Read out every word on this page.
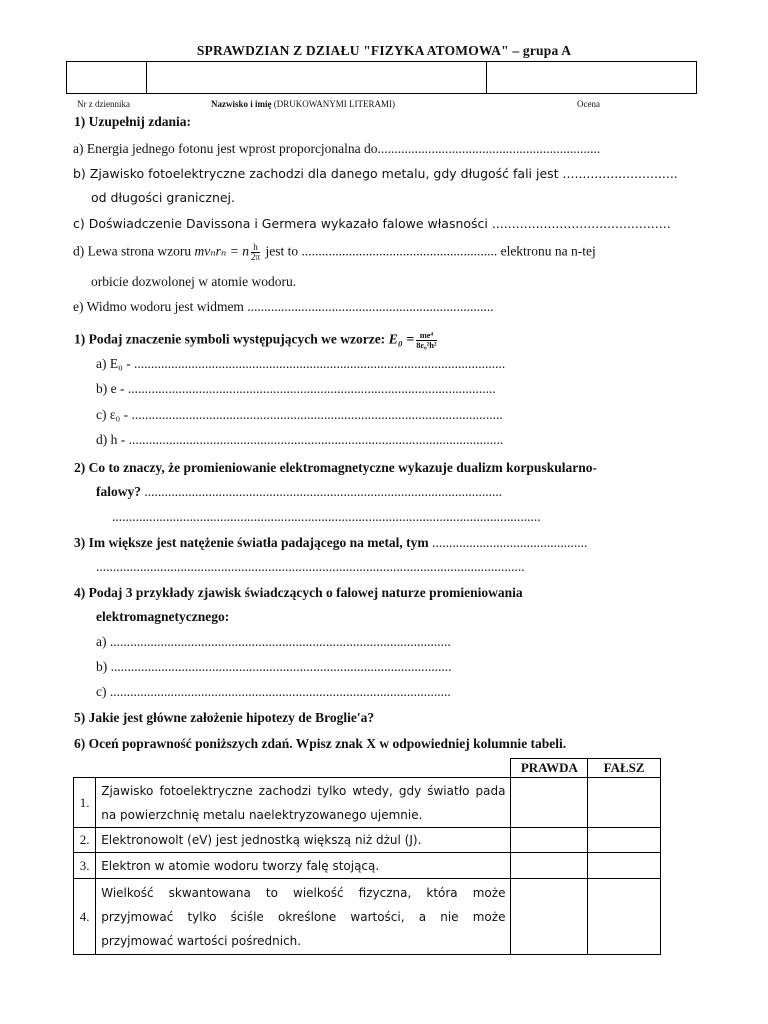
SPRAWDZIAN Z DZIAŁU "FIZYKA ATOMOWA" – grupa A

Nr z dziennika	Nazwisko i imię (DRUKOWANYMI LITERAMI)	Ocena
1) Uzupełnij zdania:
a) Energia jednego fotonu jest wprost proporcjonalna do..................................................................
b) Zjawisko fotoelektryczne zachodzi dla danego metalu, gdy długość fali jest .............................
od długości granicznej.
c) Doświadczenie Davissona i Germera wykazało falowe własności .............................................
d) Lewa strona wzoru mvₙrₙ = n $\frac{h}{2\pi}$ jest to .......................................................... elektronu na n-tej
orbicie dozwolonej w atomie wodoru.
e) Widmo wodoru jest widmem .........................................................................
1) Podaj znaczenie symboli występujących we wzorze: $E_0 = \frac{\text{me⁴}}{\text{8ε₀²h²}}$
a) E₀ - ..............................................................................................................
b) e - .............................................................................................................
c) ε₀ - ..............................................................................................................
d) h - ...............................................................................................................
2) Co to znaczy, że promieniowanie elektromagnetyczne wykazuje dualizm korpuskularno-
falowy? ..........................................................................................................
...............................................................................................................................
3) Im większe jest natężenie światła padającego na metal, tym ..............................................
...............................................................................................................................
4) Podaj 3 przykłady zjawisk świadczących o falowej naturze promieniowania
elektromagnetycznego:
a) .....................................................................................................
b) .....................................................................................................
c) .....................................................................................................
5) Jakie jest główne założenie hipotezy de Broglie'a?
6) Oceń poprawność poniższych zdań. Wpisz znak X w odpowiedniej kolumnie tabeli.
		PRAWDA	FAŁSZ
1.	Zjawisko fotoelektryczne zachodzi tylko wtedy, gdy światło pada na powierzchnię metalu naelektryzowanego ujemnie.		
2.	Elektronowolt (eV) jest jednostką większą niż dżul (J).		
3.	Elektron w atomie wodoru tworzy falę stojącą.		
4.	Wielkość skwantowana to wielkość fizyczna, która może przyjmować tylko ściśle określone wartości, a nie może przyjmować wartości pośrednich.		
